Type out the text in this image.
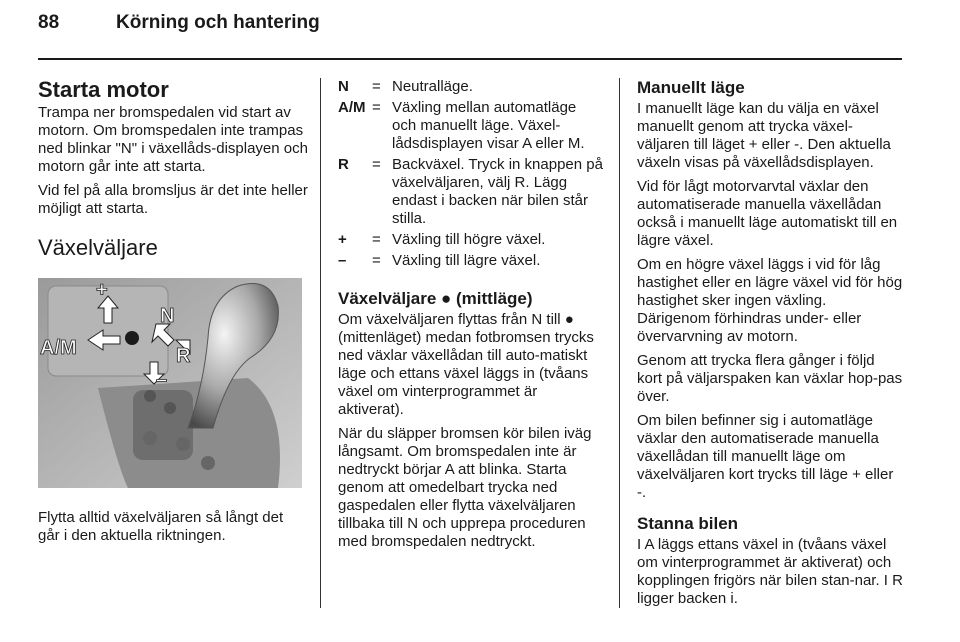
88	Körning och hantering
Starta motor

Trampa ner bromspedalen vid start av motorn. Om bromspedalen inte trampas ned blinkar "N" i växellåds-displayen och motorn går inte att starta.

Vid fel på alla bromsljus är det inte heller möjligt att starta.

Växelväljare
+
N
A/M	R
–

Flytta alltid växelväljaren så långt det går i den aktuella riktningen.

N	=	Neutralläge.
A/M	=	Växling mellan automatläge och manuellt läge. Växel-lådsdisplayen visar A eller M.
R	=	Backväxel. Tryck in knappen på växelväljaren, välj R. Lägg endast i backen när bilen står stilla.
+	=	Växling till högre växel.
–	=	Växling till lägre växel.
Växelväljare ● (mittläge)

Om växelväljaren flyttas från N till ● (mittenläget) medan fotbromsen trycks ned växlar växellådan till auto-matiskt läge och ettans växel läggs in (tvåans växel om vinterprogrammet är aktiverat).

När du släpper bromsen kör bilen iväg långsamt. Om bromspedalen inte är nedtryckt börjar A att blinka. Starta genom att omedelbart trycka ned gaspedalen eller flytta växelväljaren tillbaka till N och upprepa proceduren med bromspedalen nedtryckt.

Manuellt läge

I manuellt läge kan du välja en växel manuellt genom att trycka växel-väljaren till läget + eller -. Den aktuella växeln visas på växellådsdisplayen.

Vid för lågt motorvarvtal växlar den automatiserade manuella växellådan också i manuellt läge automatiskt till en lägre växel.

Om en högre växel läggs i vid för låg hastighet eller en lägre växel vid för hög hastighet sker ingen växling. Därigenom förhindras under- eller övervarvning av motorn.

Genom att trycka flera gånger i följd kort på väljarspaken kan växlar hop-pas över.

Om bilen befinner sig i automatläge växlar den automatiserade manuella växellådan till manuellt läge om växelväljaren kort trycks till läge + eller -.

Stanna bilen

I A läggs ettans växel in (tvåans växel om vinterprogrammet är aktiverat) och kopplingen frigörs när bilen stan-nar. I R ligger backen i.
